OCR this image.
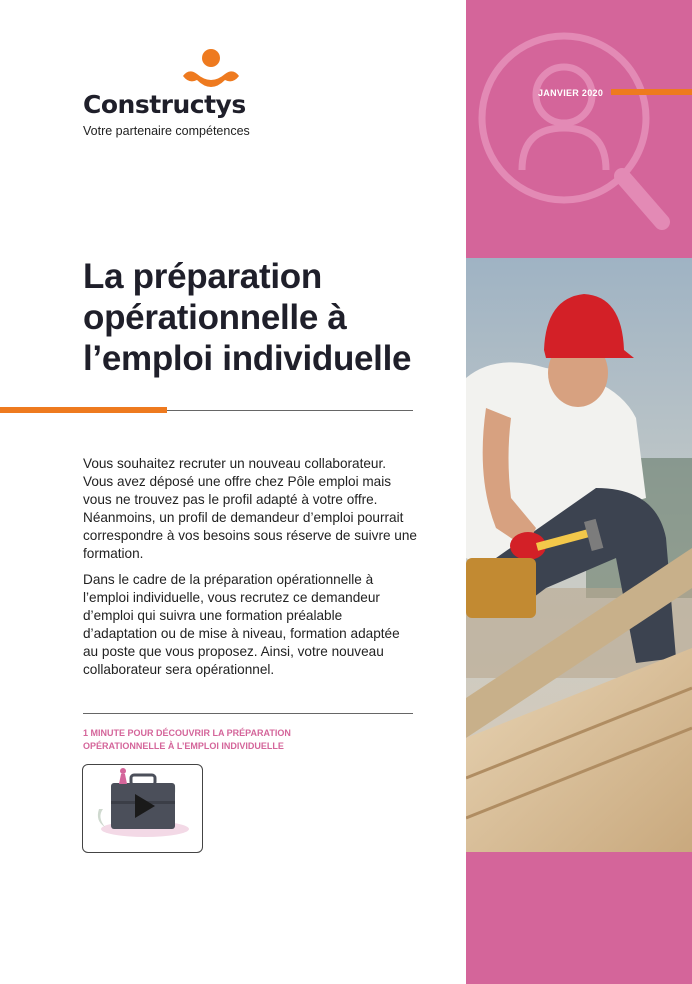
Constructys
Votre partenaire compétences
La préparation opérationnelle à l’emploi individuelle

Vous souhaitez recruter un nouveau collaborateur. Vous avez déposé une offre chez Pôle emploi mais vous ne trouvez pas le profil adapté à votre offre. Néanmoins, un profil de demandeur d’emploi pourrait correspondre à vos besoins sous réserve de suivre une formation.

Dans le cadre de la préparation opérationnelle à l’emploi individuelle, vous recrutez ce demandeur d’emploi qui suivra une formation préalable d’adaptation ou de mise à niveau, formation adaptée au poste que vous proposez. Ainsi, votre nouveau collaborateur sera opérationnel.

1 MINUTE POUR DÉCOUVRIR LA PRÉPARATION OPÉRATIONNELLE À L’EMPLOI INDIVIDUELLE
JANVIER 2020
